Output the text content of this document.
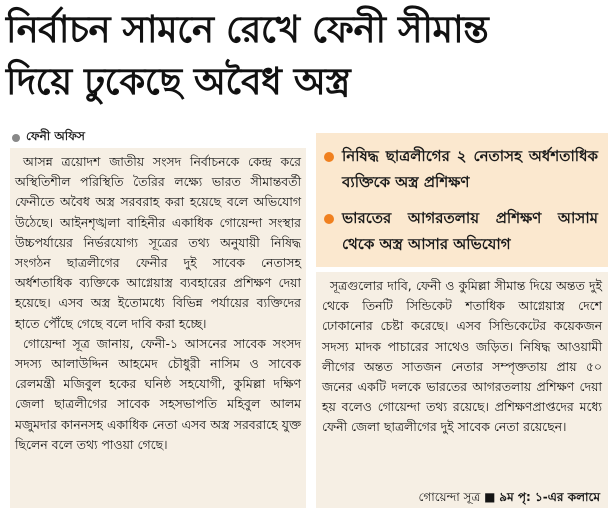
নির্বাচন সামনে রেখে ফেনী সীমান্ত
দিয়ে ঢুকেছে অবৈধ অস্ত্র
ফেনী অফিস

আসন্ন ত্রয়োদশ জাতীয় সংসদ নির্বাচনকে কেন্দ্র করে অস্থিতিশীল পরিস্থিতি তৈরির লক্ষ্যে ভারত সীমান্তবর্তী ফেনীতে অবৈধ অস্ত্র সরবরাহ করা হয়েছে বলে অভিযোগ উঠেছে। আইনশৃঙ্খলা বাহিনীর একাধিক গোয়েন্দা সংস্থার উচ্চপর্যায়ের নির্ভরযোগ্য সূত্রের তথ্য অনুযায়ী নিষিদ্ধ সংগঠন ছাত্রলীগের ফেনীর দুই সাবেক নেতাসহ অর্ধশতাধিক ব্যক্তিকে আগ্নেয়াস্ত্র ব্যবহারের প্রশিক্ষণ দেয়া হয়েছে। এসব অস্ত্র ইতোমধ্যে বিভিন্ন পর্যায়ের ব্যক্তিদের হাতে পৌঁছে গেছে বলে দাবি করা হচ্ছে।

গোয়েন্দা সূত্র জানায়, ফেনী-১ আসনের সাবেক সংসদ সদস্য আলাউদ্দিন আহমেদ চৌধুরী নাসিম ও সাবেক রেলমন্ত্রী মজিবুল হকের ঘনিষ্ঠ সহযোগী, কুমিল্লা দক্ষিণ জেলা ছাত্রলীগের সাবেক সহসভাপতি মহিবুল আলম মজুমদার কাননসহ একাধিক নেতা এসব অস্ত্র সরবরাহে যুক্ত ছিলেন বলে তথ্য পাওয়া গেছে।

নিষিদ্ধ ছাত্রলীগের ২ নেতাসহ অর্ধশতাধিক ব্যক্তিকে অস্ত্র প্রশিক্ষণ
ভারতের আগরতলায় প্রশিক্ষণ আসাম থেকে অস্ত্র আসার অভিযোগ

সূত্রগুলোর দাবি, ফেনী ও কুমিল্লা সীমান্ত দিয়ে অন্তত দুই থেকে তিনটি সিন্ডিকেট শতাধিক আগ্নেয়াস্ত্র দেশে ঢোকানোর চেষ্টা করেছে। এসব সিন্ডিকেটের কয়েকজন সদস্য মাদক পাচারের সাথেও জড়িত। নিষিদ্ধ আওয়ামী লীগের অন্তত সাতজন নেতার সম্পৃক্ততায় প্রায় ৫০ জনের একটি দলকে ভারতের আগরতলায় প্রশিক্ষণ দেয়া হয় বলেও গোয়েন্দা তথ্য রয়েছে। প্রশিক্ষণপ্রাপ্তদের মধ্যে ফেনী জেলা ছাত্রলীগের দুই সাবেক নেতা রয়েছেন।

গোয়েন্দা সূত্র ■ ৯ম পৃ: ১-এর কলামে
